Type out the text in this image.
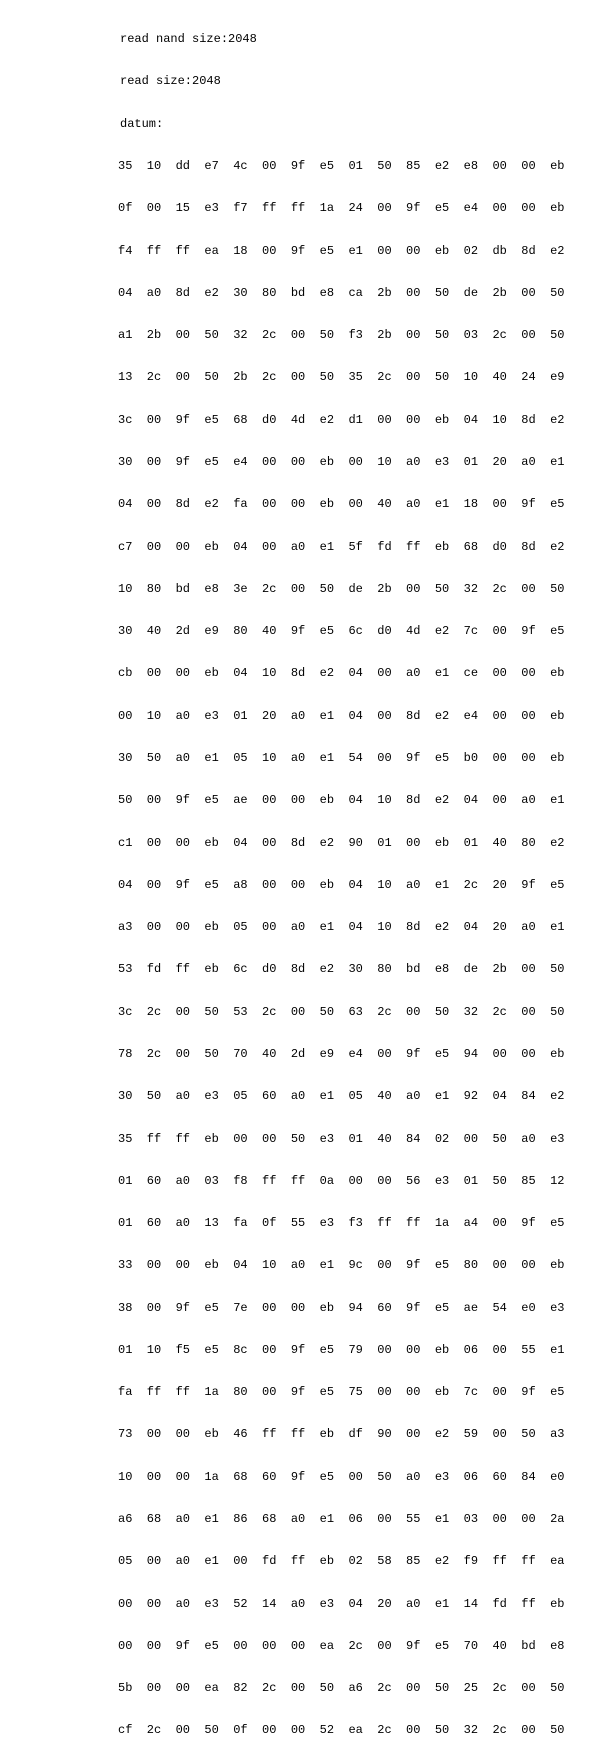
read nand size:2048

read size:2048

datum:

35  10  dd  e7  4c  00  9f  e5  01  50  85  e2  e8  00  00  eb

0f  00  15  e3  f7  ff  ff  1a  24  00  9f  e5  e4  00  00  eb

f4  ff  ff  ea  18  00  9f  e5  e1  00  00  eb  02  db  8d  e2

04  a0  8d  e2  30  80  bd  e8  ca  2b  00  50  de  2b  00  50

a1  2b  00  50  32  2c  00  50  f3  2b  00  50  03  2c  00  50

13  2c  00  50  2b  2c  00  50  35  2c  00  50  10  40  24  e9

3c  00  9f  e5  68  d0  4d  e2  d1  00  00  eb  04  10  8d  e2

30  00  9f  e5  e4  00  00  eb  00  10  a0  e3  01  20  a0  e1

04  00  8d  e2  fa  00  00  eb  00  40  a0  e1  18  00  9f  e5

c7  00  00  eb  04  00  a0  e1  5f  fd  ff  eb  68  d0  8d  e2

10  80  bd  e8  3e  2c  00  50  de  2b  00  50  32  2c  00  50

30  40  2d  e9  80  40  9f  e5  6c  d0  4d  e2  7c  00  9f  e5

cb  00  00  eb  04  10  8d  e2  04  00  a0  e1  ce  00  00  eb

00  10  a0  e3  01  20  a0  e1  04  00  8d  e2  e4  00  00  eb

30  50  a0  e1  05  10  a0  e1  54  00  9f  e5  b0  00  00  eb

50  00  9f  e5  ae  00  00  eb  04  10  8d  e2  04  00  a0  e1

c1  00  00  eb  04  00  8d  e2  90  01  00  eb  01  40  80  e2

04  00  9f  e5  a8  00  00  eb  04  10  a0  e1  2c  20  9f  e5

a3  00  00  eb  05  00  a0  e1  04  10  8d  e2  04  20  a0  e1

53  fd  ff  eb  6c  d0  8d  e2  30  80  bd  e8  de  2b  00  50

3c  2c  00  50  53  2c  00  50  63  2c  00  50  32  2c  00  50

78  2c  00  50  70  40  2d  e9  e4  00  9f  e5  94  00  00  eb

30  50  a0  e3  05  60  a0  e1  05  40  a0  e1  92  04  84  e2

35  ff  ff  eb  00  00  50  e3  01  40  84  02  00  50  a0  e3

01  60  a0  03  f8  ff  ff  0a  00  00  56  e3  01  50  85  12

01  60  a0  13  fa  0f  55  e3  f3  ff  ff  1a  a4  00  9f  e5

33  00  00  eb  04  10  a0  e1  9c  00  9f  e5  80  00  00  eb

38  00  9f  e5  7e  00  00  eb  94  60  9f  e5  ae  54  e0  e3

01  10  f5  e5  8c  00  9f  e5  79  00  00  eb  06  00  55  e1

fa  ff  ff  1a  80  00  9f  e5  75  00  00  eb  7c  00  9f  e5

73  00  00  eb  46  ff  ff  eb  df  90  00  e2  59  00  50  a3

10  00  00  1a  68  60  9f  e5  00  50  a0  e3  06  60  84  e0

a6  68  a0  e1  86  68  a0  e1  06  00  55  e1  03  00  00  2a

05  00  a0  e1  00  fd  ff  eb  02  58  85  e2  f9  ff  ff  ea

00  00  a0  e3  52  14  a0  e3  04  20  a0  e1  14  fd  ff  eb

00  00  9f  e5  00  00  00  ea  2c  00  9f  e5  70  40  bd  e8

5b  00  00  ea  82  2c  00  50  a6  2c  00  50  25  2c  00  50

cf  2c  00  50  0f  00  00  52  ea  2c  00  50  32  2c  00  50
